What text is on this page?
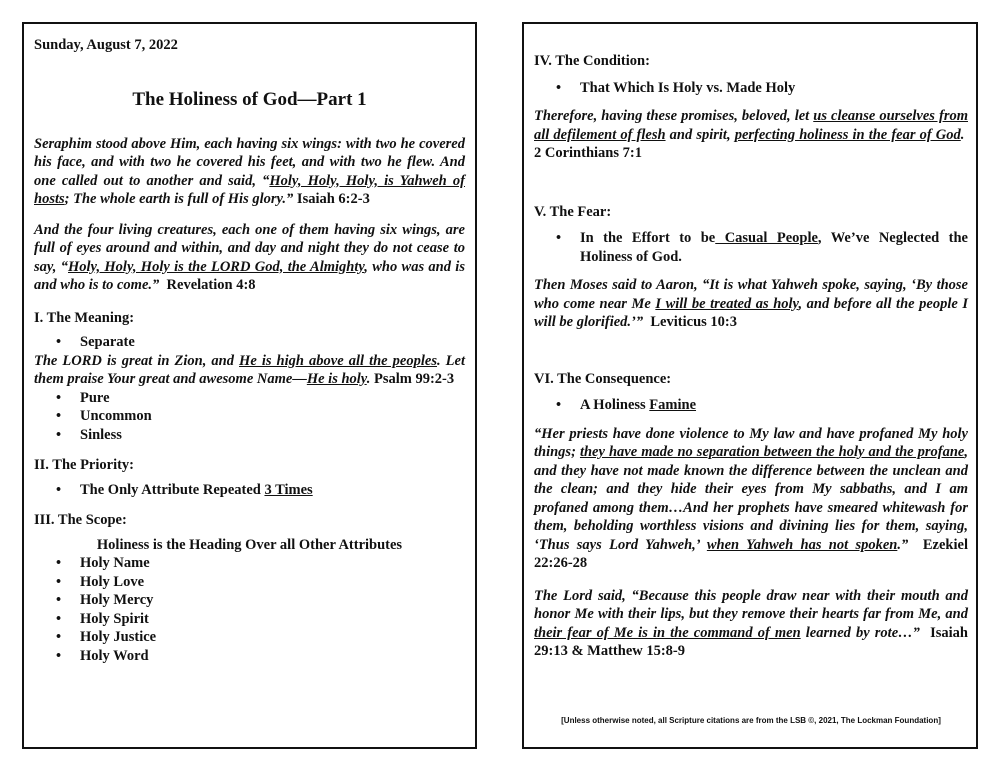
Sunday, August 7, 2022

The Holiness of God—Part 1

Seraphim stood above Him, each having six wings: with two he covered his face, and with two he covered his feet, and with two he flew. And one called out to another and said, “Holy, Holy, Holy, is Yahweh of hosts; The whole earth is full of His glory.” Isaiah 6:2-3

And the four living creatures, each one of them having six wings, are full of eyes around and within, and day and night they do not cease to say, “Holy, Holy, Holy is the LORD God, the Almighty, who was and is and who is to come.” Revelation 4:8

I. The Meaning:

• Separate

The LORD is great in Zion, and He is high above all the peoples. Let them praise Your great and awesome Name—He is holy. Psalm 99:2-3

• Pure
• Uncommon
• Sinless

II. The Priority:

• The Only Attribute Repeated 3 Times

III. The Scope:

Holiness is the Heading Over all Other Attributes

• Holy Name
• Holy Love
• Holy Mercy
• Holy Spirit
• Holy Justice
• Holy Word

IV. The Condition:

• That Which Is Holy vs. Made Holy

Therefore, having these promises, beloved, let us cleanse ourselves from all defilement of flesh and spirit, perfecting holiness in the fear of God.  2 Corinthians 7:1

V. The Fear:

• In the Effort to be Casual People, We’ve Neglected the Holiness of God.

Then Moses said to Aaron, “It is what Yahweh spoke, saying, ‘By those who come near Me I will be treated as holy, and before all the people I will be glorified.’” Leviticus 10:3

VI. The Consequence:

• A Holiness Famine

“Her priests have done violence to My law and have profaned My holy things; they have made no separation between the holy and the profane, and they have not made known the difference between the unclean and the clean; and they hide their eyes from My sabbaths, and I am profaned among them…And her prophets have smeared whitewash for them, beholding worthless visions and divining lies for them, saying, ‘Thus says Lord Yahweh,’ when Yahweh has not spoken.” Ezekiel 22:26-28

The Lord said, “Because this people draw near with their mouth and honor Me with their lips, but they remove their hearts far from Me, and their fear of Me is in the command of men learned by rote…” Isaiah 29:13 & Matthew 15:8-9

[Unless otherwise noted, all Scripture citations are from the LSB ©, 2021, The Lockman Foundation]
